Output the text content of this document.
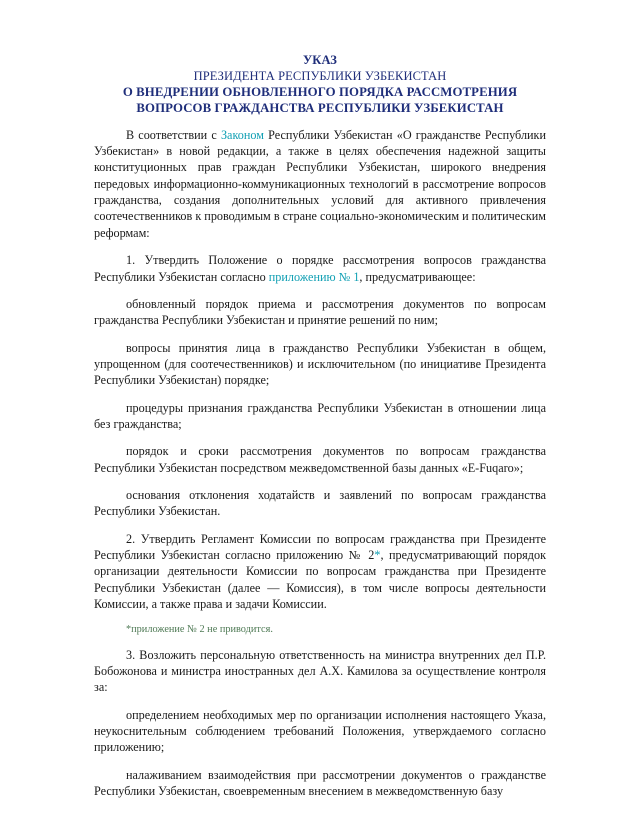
УКАЗ
ПРЕЗИДЕНТА РЕСПУБЛИКИ УЗБЕКИСТАН
О ВНЕДРЕНИИ ОБНОВЛЕННОГО ПОРЯДКА РАССМОТРЕНИЯ
ВОПРОСОВ ГРАЖДАНСТВА РЕСПУБЛИКИ УЗБЕКИСТАН

В соответствии с Законом Республики Узбекистан «О гражданстве Республики Узбекистан» в новой редакции, а также в целях обеспечения надежной защиты конституционных прав граждан Республики Узбекистан, широкого внедрения передовых информационно-коммуникационных технологий в рассмотрение вопросов гражданства, создания дополнительных условий для активного привлечения соотечественников к проводимым в стране социально-экономическим и политическим реформам:

1. Утвердить Положение о порядке рассмотрения вопросов гражданства Республики Узбекистан согласно приложению № 1, предусматривающее:

обновленный порядок приема и рассмотрения документов по вопросам гражданства Республики Узбекистан и принятие решений по ним;

вопросы принятия лица в гражданство Республики Узбекистан в общем, упрощенном (для соотечественников) и исключительном (по инициативе Президента Республики Узбекистан) порядке;

процедуры признания гражданства Республики Узбекистан в отношении лица без гражданства;

порядок и сроки рассмотрения документов по вопросам гражданства Республики Узбекистан посредством межведомственной базы данных «E-Fuqaro»;

основания отклонения ходатайств и заявлений по вопросам гражданства Республики Узбекистан.

2. Утвердить Регламент Комиссии по вопросам гражданства при Президенте Республики Узбекистан согласно приложению № 2*, предусматривающий порядок организации деятельности Комиссии по вопросам гражданства при Президенте Республики Узбекистан (далее — Комиссия), в том числе вопросы деятельности Комиссии, а также права и задачи Комиссии.

*приложение № 2 не приводится.

3. Возложить персональную ответственность на министра внутренних дел П.Р. Бобожонова и министра иностранных дел А.Х. Камилова за осуществление контроля за:

определением необходимых мер по организации исполнения настоящего Указа, неукоснительным соблюдением требований Положения, утверждаемого согласно приложению;

налаживанием взаимодействия при рассмотрении документов о гражданстве Республики Узбекистан, своевременным внесением в межведомственную базу
